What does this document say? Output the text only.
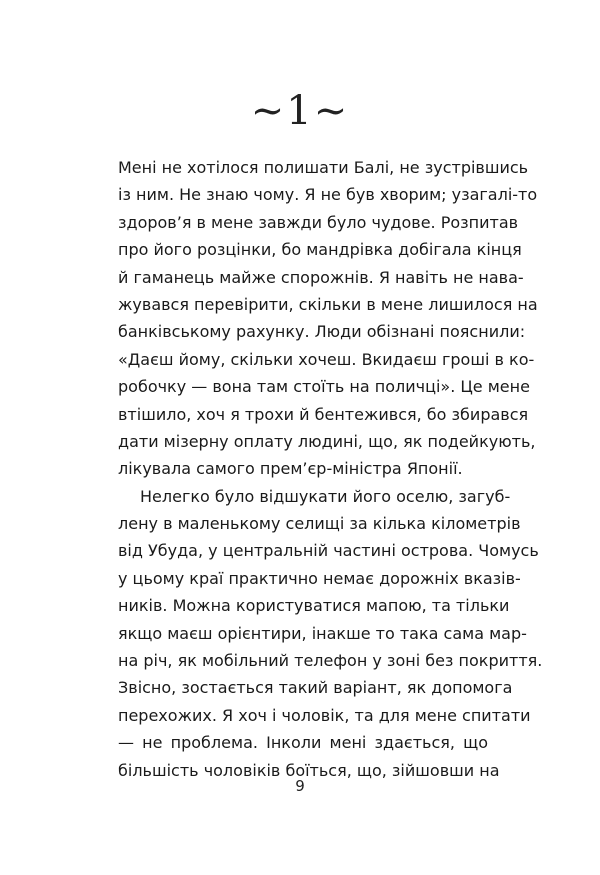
~1~
Мені не хотілося полишати Балі, не зустрівшись
із ним. Не знаю чому. Я не був хворим; узагалі-то
здоров’я в мене завжди було чудове. Розпитав
про його розцінки, бо мандрівка добігала кінця
й гаманець майже спорожнів. Я навіть не нава-
жувався перевірити, скільки в мене лишилося на
банківському рахунку. Люди обізнані пояснили:
«Даєш йому, скільки хочеш. Вкидаєш гроші в ко-
робочку — вона там стоїть на поличці». Це мене
втішило, хоч я трохи й бентежився, бо збирався
дати мізерну оплату людині, що, як подейкують,
лікувала самого прем’єр-міністра Японії.
Нелегко було відшукати його оселю, загуб-
лену в маленькому селищі за кілька кілометрів
від Убуда, у центральній частині острова. Чомусь
у цьому краї практично немає дорожніх вказів-
ників. Можна користуватися мапою, та тільки
якщо маєш орієнтири, інакше то така сама мар-
на річ, як мобільний телефон у зоні без покриття.
Звісно, зостається такий варіант, як допомога
перехожих. Я хоч і чоловік, та для мене спитати
— не проблема. Інколи мені здається, що
більшість чоловіків боїться, що, зійшовши на
9
